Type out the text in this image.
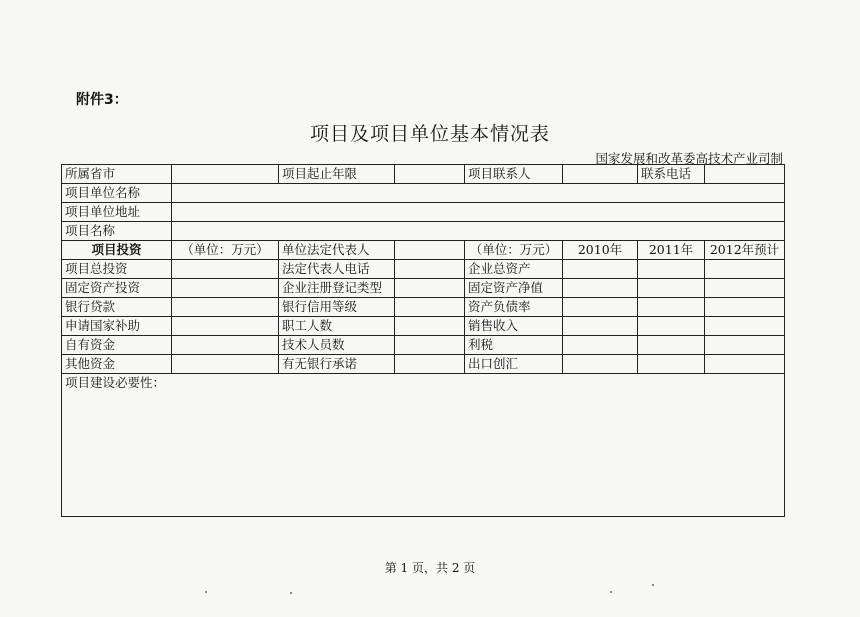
附件3：
项目及项目单位基本情况表
国家发展和改革委高技术产业司制
所属省市		项目起止年限		项目联系人		联系电话	
项目单位名称							
项目单位地址							
项目名称							
项目投资	（单位：万元）	单位法定代表人		（单位：万元）	2010年	2011年	2012年预计
项目总投资		法定代表人电话		企业总资产			
固定资产投资		企业注册登记类型		固定资产净值			
银行贷款		银行信用等级		资产负债率			
申请国家补助		职工人数		销售收入			
自有资金		技术人员数		利税			
其他资金		有无银行承诺		出口创汇			
项目建设必要性：							
第 1 页，共 2 页
